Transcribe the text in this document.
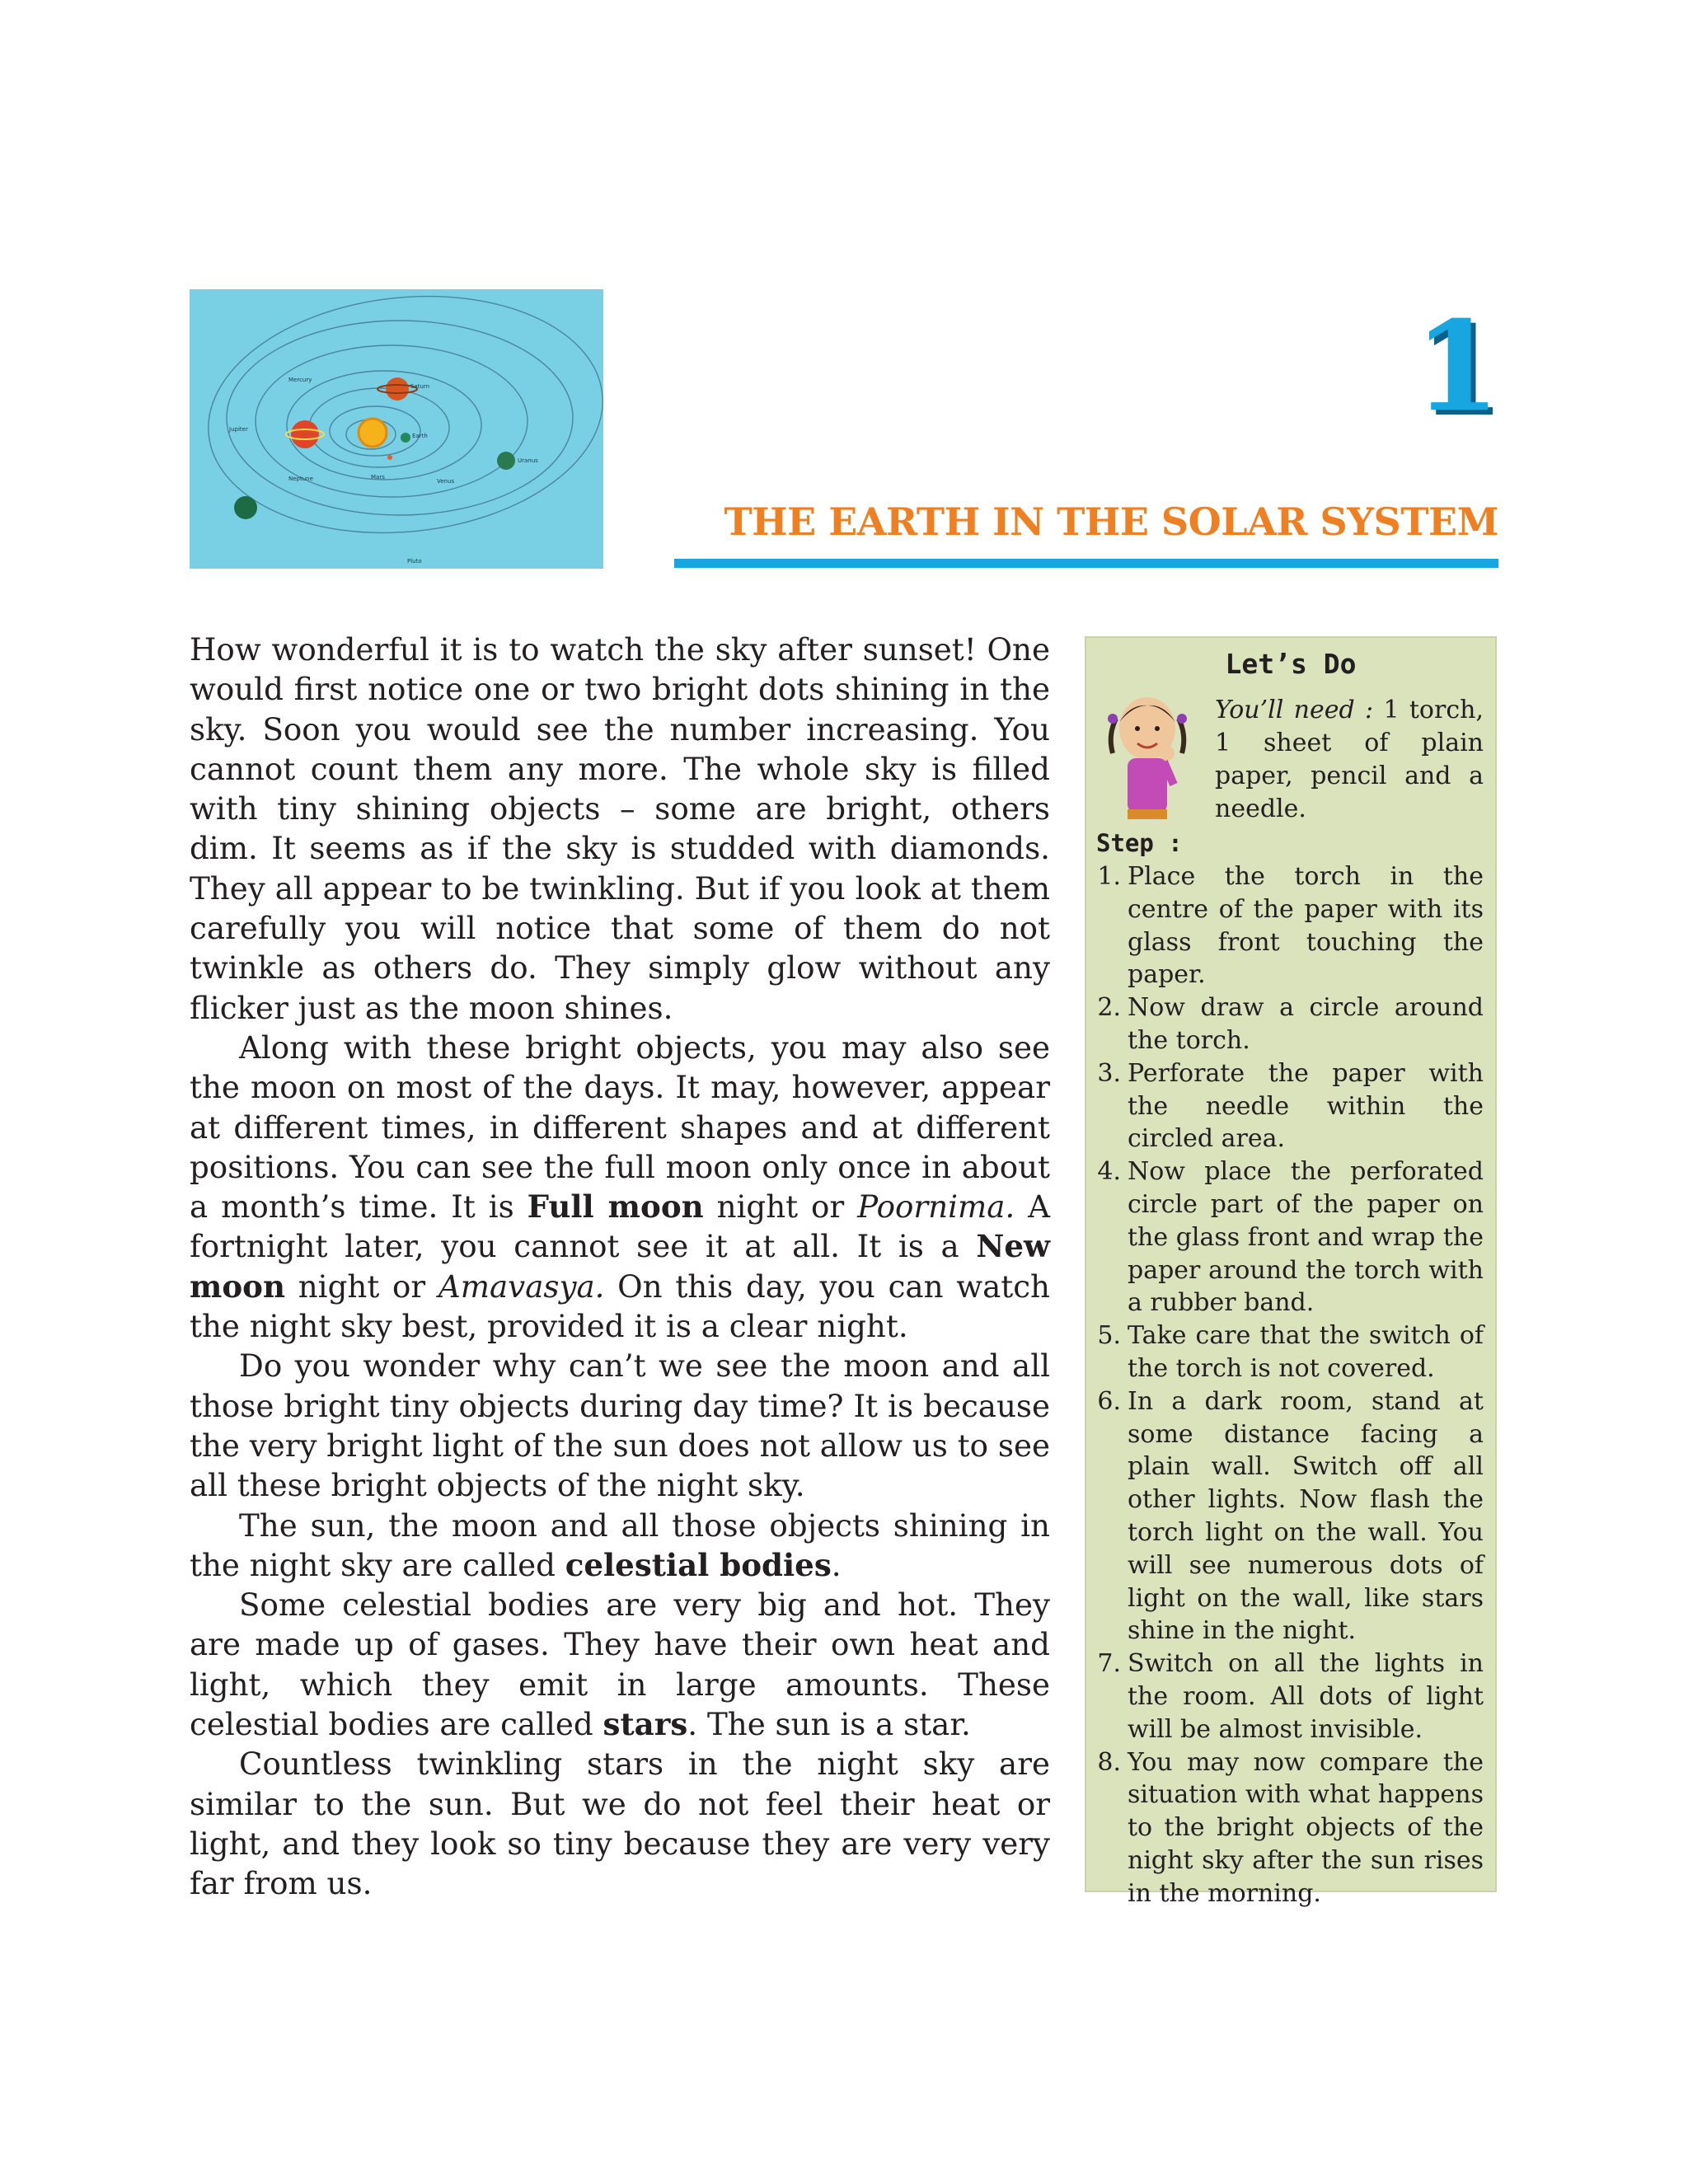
Mercury
Saturn
Jupiter
Earth
Uranus
Neptune	Mars
Venus
Pluto
1
THE EARTH IN THE SOLAR SYSTEM

How wonderful it is to watch the sky after sunset! One would first notice one or two bright dots shining in the sky. Soon you would see the number increasing. You cannot count them any more. The whole sky is filled with tiny shining objects – some are bright, others dim. It seems as if the sky is studded with diamonds. They all appear to be twinkling. But if you look at them carefully you will notice that some of them do not twinkle as others do. They simply glow without any flicker just as the moon shines.

Along with these bright objects, you may also see the moon on most of the days. It may, however, appear at different times, in different shapes and at different positions. You can see the full moon only once in about a month’s time. It is Full moon night or Poornima. A fortnight later, you cannot see it at all. It is a New moon night or Amavasya. On this day, you can watch the night sky best, provided it is a clear night.

Do you wonder why can’t we see the moon and all those bright tiny objects during day time? It is because the very bright light of the sun does not allow us to see all these bright objects of the night sky.

The sun, the moon and all those objects shining in the night sky are called celestial bodies.

Some celestial bodies are very big and hot. They are made up of gases. They have their own heat and light, which they emit in large amounts. These celestial bodies are called stars. The sun is a star.

Countless twinkling stars in the night sky are similar to the sun. But we do not feel their heat or light, and they look so tiny because they are very very far from us.

Let’s Do
You’ll need : 1 torch, 1 sheet of plain paper, pencil and a needle.
Step :
1. Place the torch in the centre of the paper with its glass front touching the paper.
2. Now draw a circle around the torch.
3. Perforate the paper with the needle within the circled area.
4. Now place the perforated circle part of the paper on the glass front and wrap the paper around the torch with a rubber band.
5. Take care that the switch of the torch is not covered.
6. In a dark room, stand at some distance facing a plain wall. Switch off all other lights. Now flash the torch light on the wall. You will see numerous dots of light on the wall, like stars shine in the night.
7. Switch on all the lights in the room. All dots of light will be almost invisible.
8. You may now compare the situation with what happens to the bright objects of the night sky after the sun rises in the morning.
